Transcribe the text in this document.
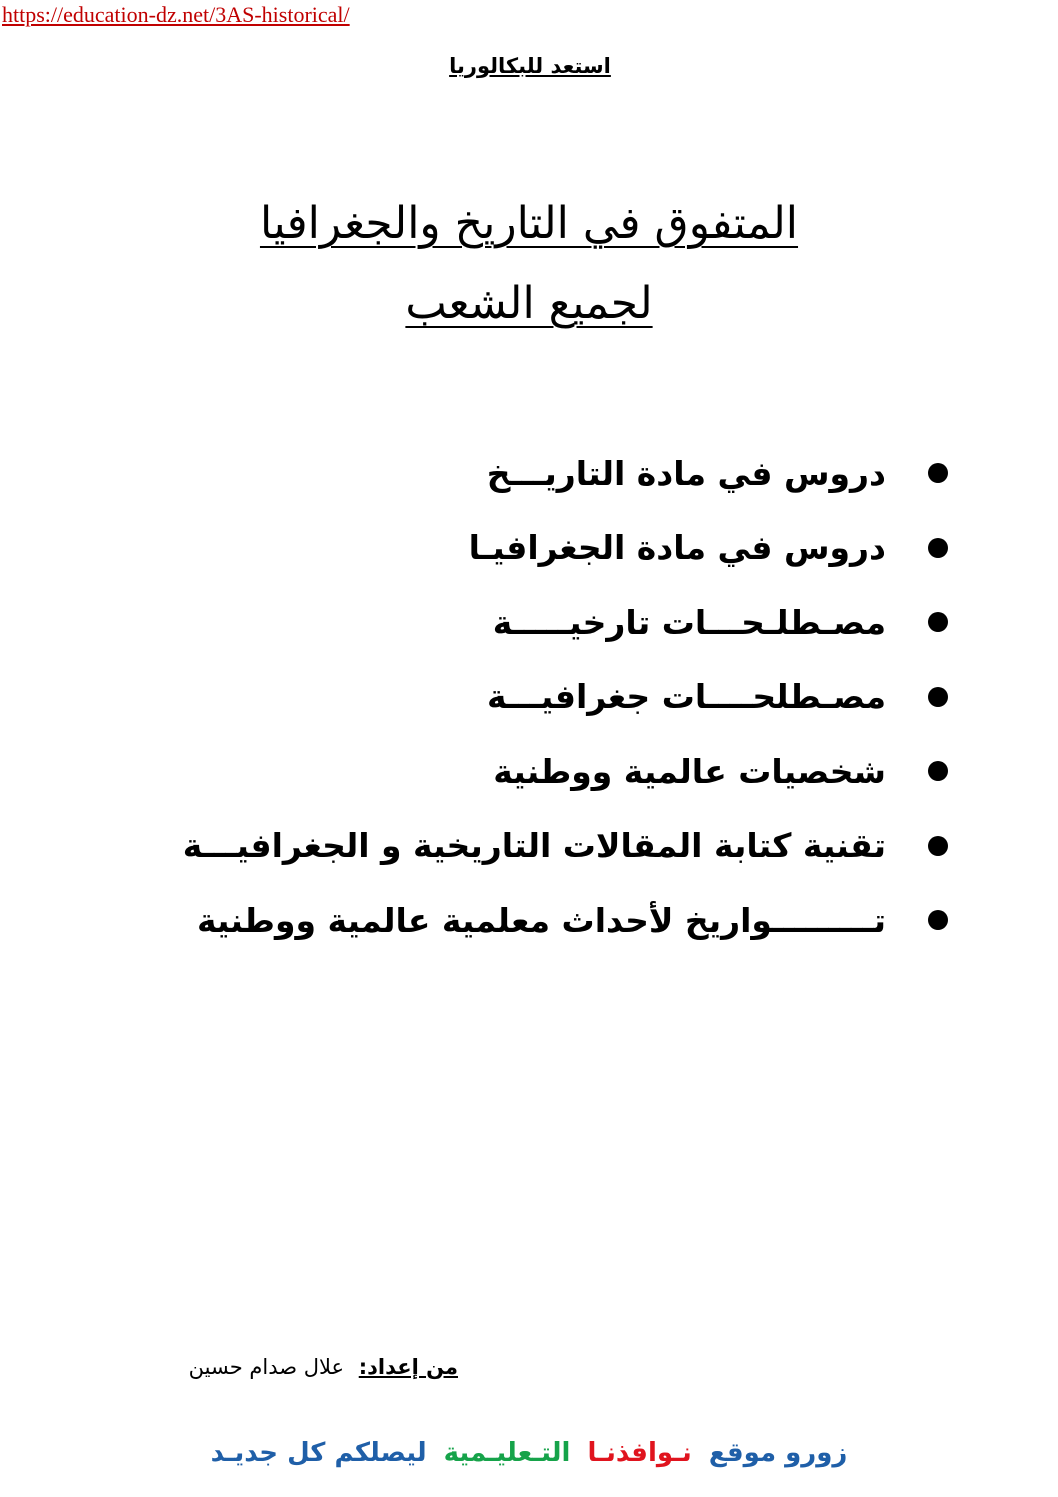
https://education-dz.net/3AS-historical/
استعد للبكالوريا
المتفوق في التاريخ والجغرافيا
لجميع الشعب
دروس في مادة التاريـــخ
دروس في مادة الجغرافيـا
مصـطلـحـــات تارخيـــــة
مصـطلحــــات جغرافيـــة
شخصيات عالمية ووطنية
تقنية كتابة المقالات التاريخية و الجغرافيـــة
تـــــــــواريخ لأحداث معلمية عالمية ووطنية
من إعداد: علال صدام حسين
زورو موقع نـوافذنـا التـعليـمية ليصلكم كل جديـد
